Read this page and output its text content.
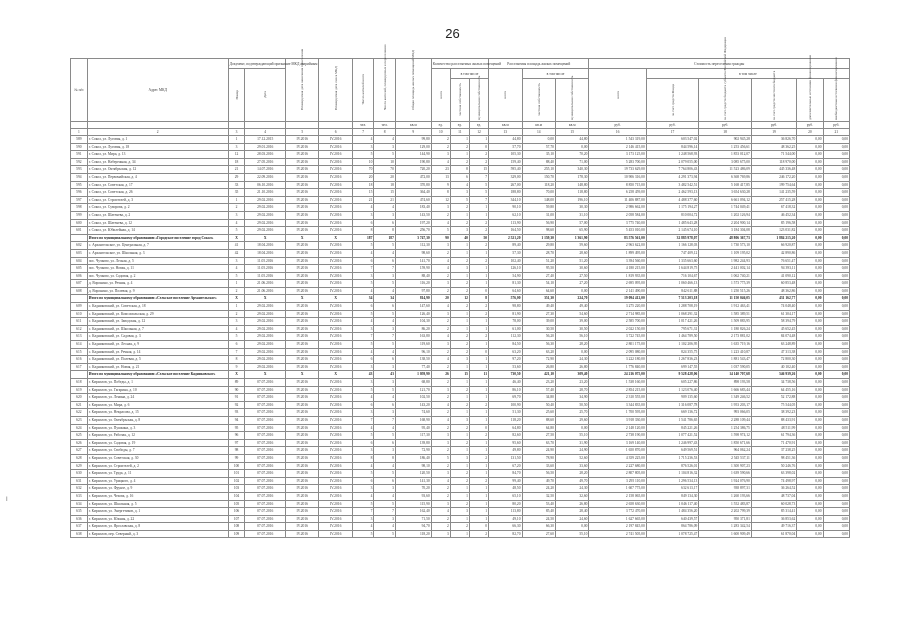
26
I
№ п/п	Адрес МКД	Документ, подтверждающий признание МКД аварийным		Планируемая дата окончания переселения	Планируемая дата сноса МКД	Число жителей всего	Число жителей, планируемых к переселению	Общая площадь жилых помещений МКД	Количество расселяемых жилых помещений			Расселяемая площадь жилых помещений			Стоимость переселения граждан					
		Номер	Дата						всего	в том числе		всего	в том числе		всего	в том числе				
										частная собственность	муниципальная собственность		частная собственность	муниципальная собственность		за счет средств Фонда	за счет средств бюджета субъекта Российской Федерации	за счет средств местного бюджета	дополнительные источники финансирования	внебюджетные источники финансирования
						чел.	чел.	кв.м	ед.	ед.	ед.	кв.м	кв.м	кв.м	руб.	руб.	руб.	руб.	руб.	руб.
1	2	3	4	5	6	7	8	9	10	11	12	13	14	15	16	17	18	19	20	21
589	г. Сокол, ул. Луговая, д. 1	1	17.12.2015	IV.2016	IV.2016	4	4	99,80	2	1	1	44,80	0,00	44,80	1 543 319,00	603 547,02	902 945,28	36 826,70	0,00	0,00
590	г. Сокол, ул. Луговая, д. 18	3	29.01.2016	IV.2016	IV.2016	3	3	129,00	2	2	0	57,70	57,70	0,00	2 146 415,00	844 596,14	1 253 456,61	48 362,25	0,00	0,00
591	г. Сокол, ул. Мира, д. 13	12	28.03.2016	IV.2016	IV.2016	5	5	144,90	3	1	2	105,30	35,10	70,20	3 173 125,00	1 248 568,93	1 853 012,07	71 544,00	0,00	0,00
592	г. Сокол, ул. Набережная, д. 34	18	27.05.2016	IV.2016	IV.2016	10	10	190,80	4	2	2	159,40	88,40	71,00	5 283 700,00	2 079 055,00	3 085 675,00	118 970,00	0,00	0,00
593	г. Сокол, ул. Октябрьская, д. 12	21	14.07.2016	IV.2016	IV.2016	70	70	720,20	23	8	15	595,40	255,10	340,30	19 733 629,00	7 764 806,43	11 523 486,09	445 336,48	0,00	0,00
594	г. Сокол, ул. Первомайская, д. 4	29	22.09.2016	IV.2016	IV.2016	20	20	472,00	13	6	7	329,00	150,70	178,30	10 906 316,00	4 291 373,94	6 368 769,86	246 172,20	0,00	0,00
595	г. Сокол, ул. Советская, д. 17	33	06.10.2016	IV.2016	IV.2016	18	18	370,80	9	4	5	267,00	118,20	148,80	8 850 715,00	3 482 542,51	5 168 417,85	199 754,64	0,00	0,00
596	г. Сокол, ул. Советская, д. 26	35	21.10.2016	IV.2016	IV.2016	15	15	364,40	8	3	5	188,80	70,00	118,80	6 258 459,00	2 462 593,13	3 654 630,28	141 235,59	0,00	0,00
597	г. Сокол, ул. Строителей, д. 3	1	29.02.2016	IV.2016	IV.2016	21	21	474,60	12	5	7	344,10	148,00	196,10	11 406 887,00	4 488 377,60	6 661 094,12	257 415,28	0,00	0,00
598	г. Сокол, ул. Суворова, д. 2	2	29.02.2016	IV.2016	IV.2016	4	4	183,40	3	2	1	90,10	59,80	30,30	2 986 662,00	1 175 194,27	1 744 049,41	67 418,32	0,00	0,00
599	г. Сокол, ул. Шатенева, д. 2	3	29.02.2016	IV.2016	IV.2016	3	3	143,50	2	1	1	62,10	31,00	31,10	2 058 584,00	810 004,72	1 202 126,94	46 452,34	0,00	0,00
600	г. Сокол, ул. Шатенева, д. 12	4	29.02.2016	IV.2016	IV.2016	6	6	197,20	4	2	2	113,90	56,90	57,00	3 775 740,00	1 485 643,28	2 204 900,14	85 196,58	0,00	0,00
601	г. Сокол, ул. Юбилейная, д. 14	5	29.02.2016	IV.2016	IV.2016	8	8	256,70	5	3	2	164,50	98,60	65,90	5 453 010,00	2 145 674,10	3 184 304,08	123 031,82	0,00	0,00
	Итого по муниципальному образованию «Городское поселение город Сокол»	X	X	X	X	187	187	3 747,30	90	40	50	2 521,20	1 159,30	1 361,90	83 576 561,00	32 885 978,07	48 806 367,73	1 884 215,20	0,00	0,00
602	с. Архангельское, ул. Центральная, д. 7	41	18.04.2016	IV.2016	IV.2016	5	5	112,30	3	1	2	89,40	29,80	59,60	2 963 622,00	1 166 128,03	1 730 573,10	66 920,87	0,00	0,00
603	с. Архангельское, ул. Школьная, д. 3	42	18.04.2016	IV.2016	IV.2016	4	4	98,60	2	1	1	57,30	28,70	28,60	1 899 495,00	747 409,12	1 109 195,02	42 890,86	0,00	0,00
604	пос. Чучково, ул. Лесная, д. 5	3	11.05.2016	IV.2016	IV.2016	6	6	141,70	4	2	2	102,40	51,20	51,20	3 394 560,00	1 335 663,60	1 982 244,93	76 651,47	0,00	0,00
605	пос. Чучково, ул. Новая, д. 11	4	11.05.2016	IV.2016	IV.2016	7	7	159,90	4	3	1	126,10	95,50	30,60	4 180 215,00	1 644 819,75	2 441 002,14	94 393,11	0,00	0,00
606	пос. Чучково, ул. Садовая, д. 2	5	11.05.2016	IV.2016	IV.2016	3	3	88,40	2	1	1	54,90	27,40	27,50	1 819 935,00	716 104,67	1 062 740,21	41 090,12	0,00	0,00
607	д. Воронино, ул. Речная, д. 4	1	21.06.2016	IV.2016	IV.2016	5	5	116,20	3	2	1	81,30	54,10	27,20	2 695 095,00	1 060 466,13	1 573 775,39	60 853,48	0,00	0,00
608	д. Воронино, ул. Полевая, д. 9	2	21.06.2016	IV.2016	IV.2016	4	4	97,80	2	2	0	64,60	64,60	0,00	2 141 490,00	842 611,88	1 250 515,26	48 362,86	0,00	0,00
	Итого по муниципальному образованию «Сельское поселение Архангельское»	X	X	X	X	34	34	814,90	20	12	8	576,00	351,30	224,70	19 094 412,00	7 513 203,18	11 150 046,05	431 162,77	0,00	0,00
609	с. Кадниковский, ул. Советская, д. 18	1	29.02.2016	IV.2016	IV.2016	6	6	147,60	4	2	2	98,80	49,40	49,40	3 275 220,00	1 288 708,19	1 912 463,41	74 048,40	0,00	0,00
610	с. Кадниковский, ул. Комсомольская, д. 29	2	29.02.2016	IV.2016	IV.2016	5	5	126,40	3	1	2	81,90	27,30	54,60	2 714 985,00	1 068 291,32	1 585 389,51	61 304,17	0,00	0,00
611	с. Кадниковский, ул. Заводская, д. 12	3	29.02.2016	IV.2016	IV.2016	4	4	104,30	2	1	1	78,00	39,00	39,00	2 585 700,00	1 017 421,26	1 509 883,95	58 394,79	0,00	0,00
612	с. Кадниковский, ул. Школьная, д. 7	4	29.02.2016	IV.2016	IV.2016	3	3	86,20	2	1	1	61,00	30,50	30,50	2 022 150,00	795 671,31	1 180 826,24	45 652,45	0,00	0,00
613	с. Кадниковский, ул. Садовая, д. 3	5	29.02.2016	IV.2016	IV.2016	7	7	163,80	4	2	2	112,30	56,20	56,10	3 722 745,00	1 464 789,50	2 173 881,02	84 074,48	0,00	0,00
614	с. Кадниковский, ул. Лесная, д. 9	6	29.02.2016	IV.2016	IV.2016	5	5	119,60	3	2	1	84,50	56,30	28,20	2 801 175,00	1 102 206,95	1 635 719,16	63 248,89	0,00	0,00
615	с. Кадниковский, ул. Речная, д. 14	7	29.02.2016	IV.2016	IV.2016	4	4	96,10	2	2	0	63,20	63,20	0,00	2 095 080,00	824 355,75	1 223 410,87	47 313,38	0,00	0,00
616	с. Кадниковский, ул. Полевая, д. 5	8	29.02.2016	IV.2016	IV.2016	6	6	138,50	4	3	1	97,20	72,90	24,30	3 222 180,00	1 267 836,23	1 881 543,47	72 800,30	0,00	0,00
617	с. Кадниковский, ул. Новая, д. 21	9	29.02.2016	IV.2016	IV.2016	3	3	77,40	2	1	1	53,60	26,80	26,80	1 776 840,00	699 147,55	1 037 590,05	40 102,40	0,00	0,00
	Итого по муниципальному образованию «Сельское поселение Кадниковское»	X	X	X	X	43	43	1 059,90	26	15	11	730,50	421,10	309,40	24 216 075,00	9 528 428,06	14 140 707,68	546 939,26	0,00	0,00
618	г. Кириллов, ул. Победы, д. 1	89	07.07.2016	IV.2016	IV.2016	3	3	68,80	2	1	1	46,40	23,20	23,20	1 538 160,00	605 227,86	898 193,58	34 738,56	0,00	0,00
619	г. Кириллов, ул. Гагарина, д. 10	90	07.07.2016	IV.2016	IV.2016	5	5	121,70	3	2	1	86,10	57,40	28,70	2 854 215,00	1 123 076,40	1 666 683,44	64 455,16	0,00	0,00
620	г. Кириллов, ул. Ленина, д. 24	91	07.07.2016	IV.2016	IV.2016	4	4	102,50	2	1	1	69,70	34,80	34,90	2 310 555,00	909 135,60	1 349 246,52	52 172,88	0,00	0,00
621	г. Кириллов, ул. Мира, д. 6	92	07.07.2016	IV.2016	IV.2016	6	6	143,20	4	2	2	100,90	50,40	50,50	3 344 835,00	1 316 087,78	1 953 203,17	75 544,05	0,00	0,00
622	г. Кириллов, ул. Некрасова, д. 15	93	07.07.2016	IV.2016	IV.2016	3	3	74,60	2	1	1	51,30	25,60	25,70	1 700 595,00	669 136,72	993 066,05	38 392,23	0,00	0,00
623	г. Кириллов, ул. Октябрьская, д. 8	94	07.07.2016	IV.2016	IV.2016	7	7	168,90	4	3	1	118,20	88,60	29,60	3 918 330,00	1 541 786,65	2 288 109,44	88 433,91	0,00	0,00
624	г. Кириллов, ул. Пушкина, д. 3	95	07.07.2016	IV.2016	IV.2016	4	4	95,40	2	2	0	64,80	64,80	0,00	2 148 120,00	845 221,26	1 254 386,75	48 511,99	0,00	0,00
625	г. Кириллов, ул. Рабочая, д. 12	96	07.07.2016	IV.2016	IV.2016	5	5	117,30	3	1	2	82,60	27,50	55,10	2 738 190,00	1 077 421,52	1 598 974,12	61 794,36	0,00	0,00
626	г. Кириллов, ул. Садовая, д. 19	97	07.07.2016	IV.2016	IV.2016	6	6	139,80	3	2	1	95,60	63,70	31,90	3 169 140,00	1 246 997,43	1 850 671,66	71 470,91	0,00	0,00
627	г. Кириллов, ул. Свободы, д. 7	98	07.07.2016	IV.2016	IV.2016	3	3	72,90	2	1	1	49,80	24,90	24,90	1 650 870,00	649 569,51	964 062,24	37 238,25	0,00	0,00
628	г. Кириллов, ул. Советская, д. 30	99	07.07.2016	IV.2016	IV.2016	8	8	186,40	5	3	2	131,50	78,90	52,60	4 359 225,00	1 715 236,53	2 545 537,11	98 451,36	0,00	0,00
629	г. Кириллов, ул. Строителей, д. 2	100	07.07.2016	IV.2016	IV.2016	4	4	98,10	2	1	1	67,20	33,60	33,60	2 227 680,00	876 526,01	1 300 907,23	50 246,76	0,00	0,00
630	г. Кириллов, ул. Труда, д. 11	101	07.07.2016	IV.2016	IV.2016	5	5	120,50	3	2	1	84,70	56,50	28,20	2 807 805,00	1 104 816,32	1 639 590,66	63 398,02	0,00	0,00
631	г. Кириллов, ул. Урицкого, д. 4	102	07.07.2016	IV.2016	IV.2016	6	6	141,30	4	2	2	99,40	49,70	49,70	3 295 110,00	1 296 534,13	1 924 076,90	74 498,97	0,00	0,00
632	г. Кириллов, ул. Фрунзе, д. 9	103	07.07.2016	IV.2016	IV.2016	3	3	70,20	2	1	1	48,50	24,20	24,30	1 607 775,00	632 613,17	938 897,31	36 264,52	0,00	0,00
633	г. Кириллов, ул. Чехова, д. 16	104	07.07.2016	IV.2016	IV.2016	4	4	93,60	2	1	1	65,10	32,50	32,60	2 158 065,00	849 134,30	1 260 193,66	48 737,04	0,00	0,00
634	г. Кириллов, ул. Школьная, д. 5	105	07.07.2016	IV.2016	IV.2016	5	5	115,90	3	2	1	80,20	53,40	26,80	2 658 630,00	1 046 117,40	1 552 483,87	60 028,73	0,00	0,00
635	г. Кириллов, ул. Энергетиков, д. 1	106	07.07.2016	IV.2016	IV.2016	7	7	162,40	4	3	1	113,80	85,40	28,40	3 772 470,00	1 484 356,20	2 202 799,39	85 314,41	0,00	0,00
636	г. Кириллов, ул. Южная, д. 22	107	07.07.2016	IV.2016	IV.2016	3	3	71,50	2	1	1	49,10	24,50	24,60	1 627 665,00	640 439,57	950 371,81	36 853,62	0,00	0,00
637	г. Кириллов, ул. Ярославская, д. 8	108	07.07.2016	IV.2016	IV.2016	4	4	94,70	2	2	0	66,30	66,30	0,00	2 197 845,00	864 786,09	1 283 342,54	49 716,37	0,00	0,00
638	г. Кириллов, пер. Северный, д. 3	109	07.07.2016	IV.2016	IV.2016	5	5	118,20	3	1	2	82,70	27,60	55,10	2 741 505,00	1 078 725,47	1 600 909,49	61 870,04	0,00	0,00
